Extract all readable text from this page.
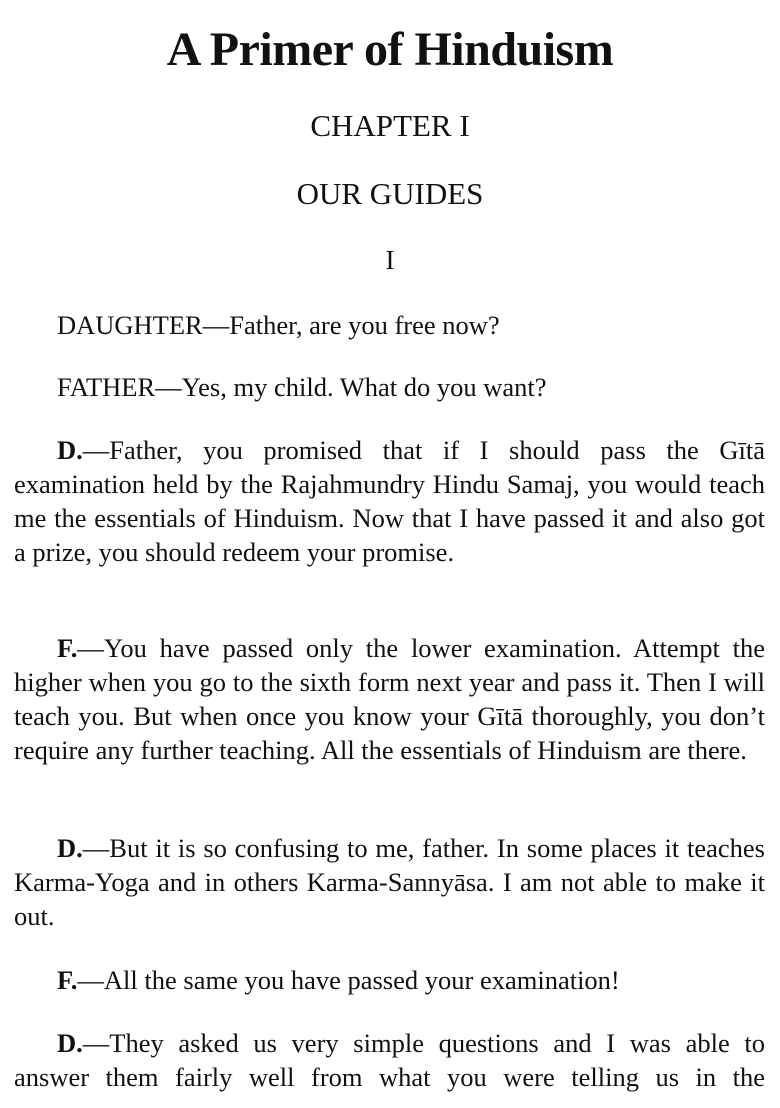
A Primer of Hinduism
CHAPTER I
OUR GUIDES
I

DAUGHTER—Father, are you free now?

FATHER—Yes, my child. What do you want?

D.—Father, you promised that if I should pass the Gītā examination held by the Rajahmundry Hindu Samaj, you would teach me the essentials of Hinduism. Now that I have passed it and also got a prize, you should redeem your promise.

F.—You have passed only the lower examination. Attempt the higher when you go to the sixth form next year and pass it. Then I will teach you. But when once you know your Gītā thoroughly, you don’t require any further teaching. All the essentials of Hinduism are there.

D.—But it is so confusing to me, father. In some places it teaches Karma-Yoga and in others Karma-Sannyāsa. I am not able to make it out.

F.—All the same you have passed your examination!

D.—They asked us very simple questions and I was able to answer them fairly well from what you were telling us in the
